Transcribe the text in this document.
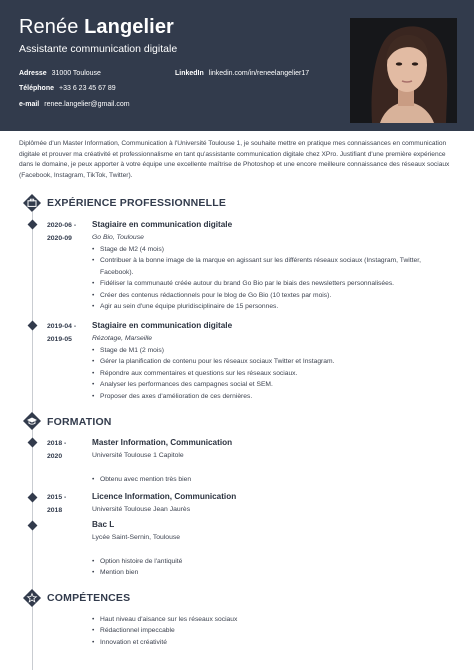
Renée Langelier
Assistante communication digitale
Adresse 31000 Toulouse	LinkedIn linkedin.com/in/reneelangelier17
Téléphone +33 6 23 45 67 89
e-mail renee.langelier@gmail.com
Diplômée d'un Master Information, Communication à l'Université Toulouse 1, je souhaite mettre en pratique mes connaissances en communication digitale et prouver ma créativité et professionnalisme en tant qu'assistante communication digitale chez XPro. Justifiant d'une première expérience dans le domaine, je peux apporter à votre équipe une excellente maîtrise de Photoshop et une encore meilleure connaissance des réseaux sociaux (Facebook, Instagram, TikTok, Twitter).
EXPÉRIENCE PROFESSIONNELLE
2020-06 -
2020-09
Stagiaire en communication digitale
Go Bio, Toulouse
• Stage de M2 (4 mois)
• Contribuer à la bonne image de la marque en agissant sur les différents réseaux sociaux (Instagram, Twitter,
Facebook).
• Fidéliser la communauté créée autour du brand Go Bio par le biais des newsletters personnalisées.
• Créer des contenus rédactionnels pour le blog de Go Bio (10 textes par mois).
• Agir au sein d'une équipe pluridisciplinaire de 15 personnes.
2019-04 -
2019-05
Stagiaire en communication digitale
Rézotage, Marseille
• Stage de M1 (2 mois)
• Gérer la planification de contenu pour les réseaux sociaux Twitter et Instagram.
• Répondre aux commentaires et questions sur les réseaux sociaux.
• Analyser les performances des campagnes social et SEM.
• Proposer des axes d'amélioration de ces dernières.
FORMATION
2018 -
2020
Master Information, Communication
Université Toulouse 1 Capitole
• Obtenu avec mention très bien
2015 -
2018
Licence Information, Communication
Université Toulouse Jean Jaurès
Bac L
Lycée Saint-Sernin, Toulouse
• Option histoire de l'antiquité
• Mention bien
COMPÉTENCES
• Haut niveau d'aisance sur les réseaux sociaux
• Rédactionnel impeccable
• Innovation et créativité
